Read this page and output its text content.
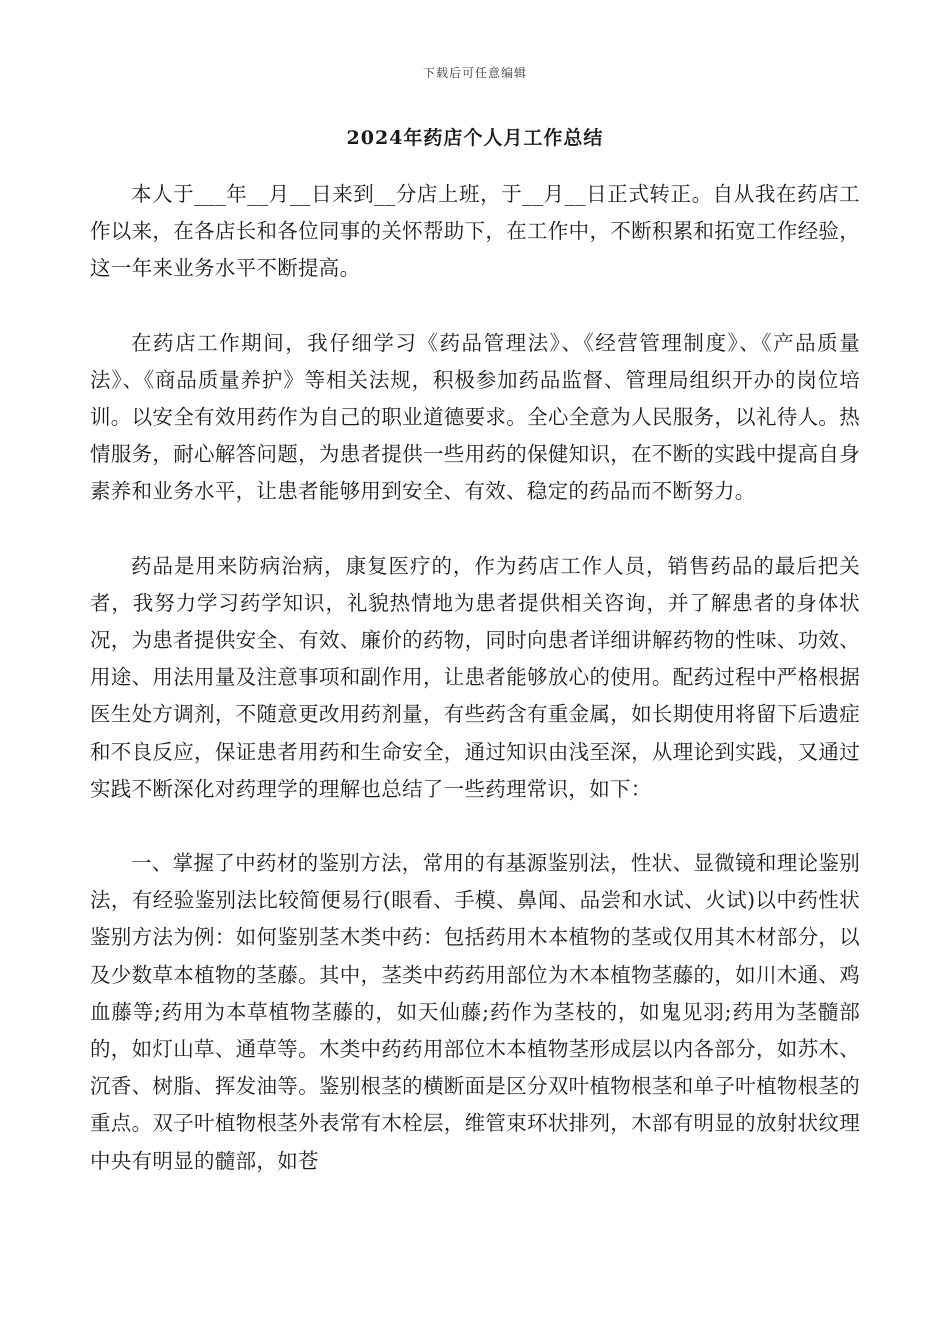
下载后可任意编辑
2024年药店个人月工作总结

本人于___年__月__日来到__分店上班，于__月__日正式转正。自从我在药店工作以来，在各店长和各位同事的关怀帮助下，在工作中，不断积累和拓宽工作经验，这一年来业务水平不断提高。

在药店工作期间，我仔细学习《药品管理法》、《经营管理制度》、《产品质量法》、《商品质量养护》等相关法规，积极参加药品监督、管理局组织开办的岗位培训。以安全有效用药作为自己的职业道德要求。全心全意为人民服务，以礼待人。热情服务，耐心解答问题，为患者提供一些用药的保健知识，在不断的实践中提高自身素养和业务水平，让患者能够用到安全、有效、稳定的药品而不断努力。

药品是用来防病治病，康复医疗的，作为药店工作人员，销售药品的最后把关者，我努力学习药学知识，礼貌热情地为患者提供相关咨询，并了解患者的身体状况，为患者提供安全、有效、廉价的药物，同时向患者详细讲解药物的性味、功效、用途、用法用量及注意事项和副作用，让患者能够放心的使用。配药过程中严格根据医生处方调剂，不随意更改用药剂量，有些药含有重金属，如长期使用将留下后遗症和不良反应，保证患者用药和生命安全，通过知识由浅至深，从理论到实践，又通过实践不断深化对药理学的理解也总结了一些药理常识，如下：

一、掌握了中药材的鉴别方法，常用的有基源鉴别法，性状、显微镜和理论鉴别法，有经验鉴别法比较简便易行(眼看、手模、鼻闻、品尝和水试、火试)以中药性状鉴别方法为例：如何鉴别茎木类中药：包括药用木本植物的茎或仅用其木材部分，以及少数草本植物的茎藤。其中，茎类中药药用部位为木本植物茎藤的，如川木通、鸡血藤等;药用为本草植物茎藤的，如天仙藤;药作为茎枝的，如鬼见羽;药用为茎髓部的，如灯山草、通草等。木类中药药用部位木本植物茎形成层以内各部分，如苏木、沉香、树脂、挥发油等。鉴别根茎的横断面是区分双叶植物根茎和单子叶植物根茎的重点。双子叶植物根茎外表常有木栓层，维管束环状排列，木部有明显的放射状纹理中央有明显的髓部，如苍
